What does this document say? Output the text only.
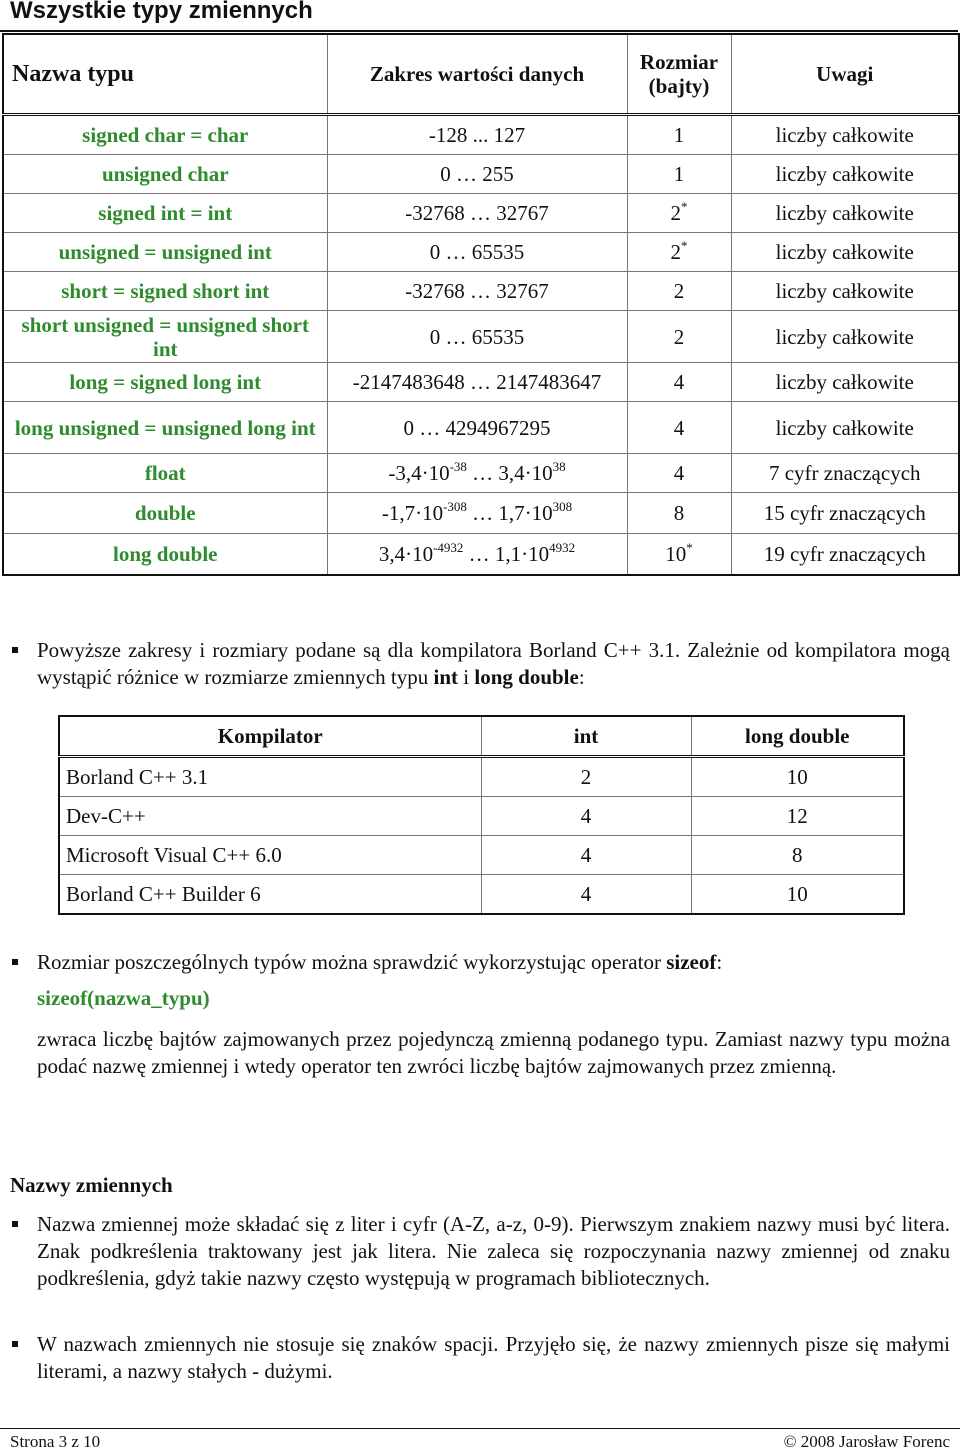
Wszystkie typy zmiennych
Nazwa typu	Zakres wartości danych	Rozmiar (bajty)	Uwagi
signed char = char	-128 ... 127	1	liczby całkowite
unsigned char	0 … 255	1	liczby całkowite
signed int = int	-32768 … 32767	2*	liczby całkowite
unsigned = unsigned int	0 … 65535	2*	liczby całkowite
short = signed short int	-32768 … 32767	2	liczby całkowite
short unsigned = unsigned short int	0 … 65535	2	liczby całkowite
long = signed long int	-2147483648 … 2147483647	4	liczby całkowite
long unsigned = unsigned long int	0 … 4294967295	4	liczby całkowite
float	$-3,4\cdot 10^{-38}$ … $3,4\cdot 10^{38}$	4	7 cyfr znaczących
double	$-1,7\cdot 10^{-308}$ … $1,7\cdot 10^{308}$	8	15 cyfr znaczących
long double	$3,4\cdot 10^{-4932}$ … $1,1\cdot 10^{4932}$	10*	19 cyfr znaczących
Powyższe zakresy i rozmiary podane są dla kompilatora Borland C++ 3.1. Zależnie od kompilatora mogą wystąpić różnice w rozmiarze zmiennych typu int i long double:
Kompilator	int	long double
Borland C++ 3.1	2	10
Dev-C++	4	12
Microsoft Visual C++ 6.0	4	8
Borland C++ Builder 6	4	10
Rozmiar poszczególnych typów można sprawdzić wykorzystując operator sizeof:
sizeof(nazwa_typu)
zwraca liczbę bajtów zajmowanych przez pojedynczą zmienną podanego typu. Zamiast nazwy typu można podać nazwę zmiennej i wtedy operator ten zwróci liczbę bajtów zajmowanych przez zmienną.
Nazwy zmiennych
Nazwa zmiennej może składać się z liter i cyfr (A-Z, a-z, 0-9). Pierwszym znakiem nazwy musi być litera. Znak podkreślenia traktowany jest jak litera. Nie zaleca się rozpoczynania nazwy zmiennej od znaku podkreślenia, gdyż takie nazwy często występują w programach bibliotecznych.
W nazwach zmiennych nie stosuje się znaków spacji. Przyjęło się, że nazwy zmiennych pisze się małymi literami, a nazwy stałych - dużymi.
Strona 3 z 10	© 2008 Jarosław Forenc
